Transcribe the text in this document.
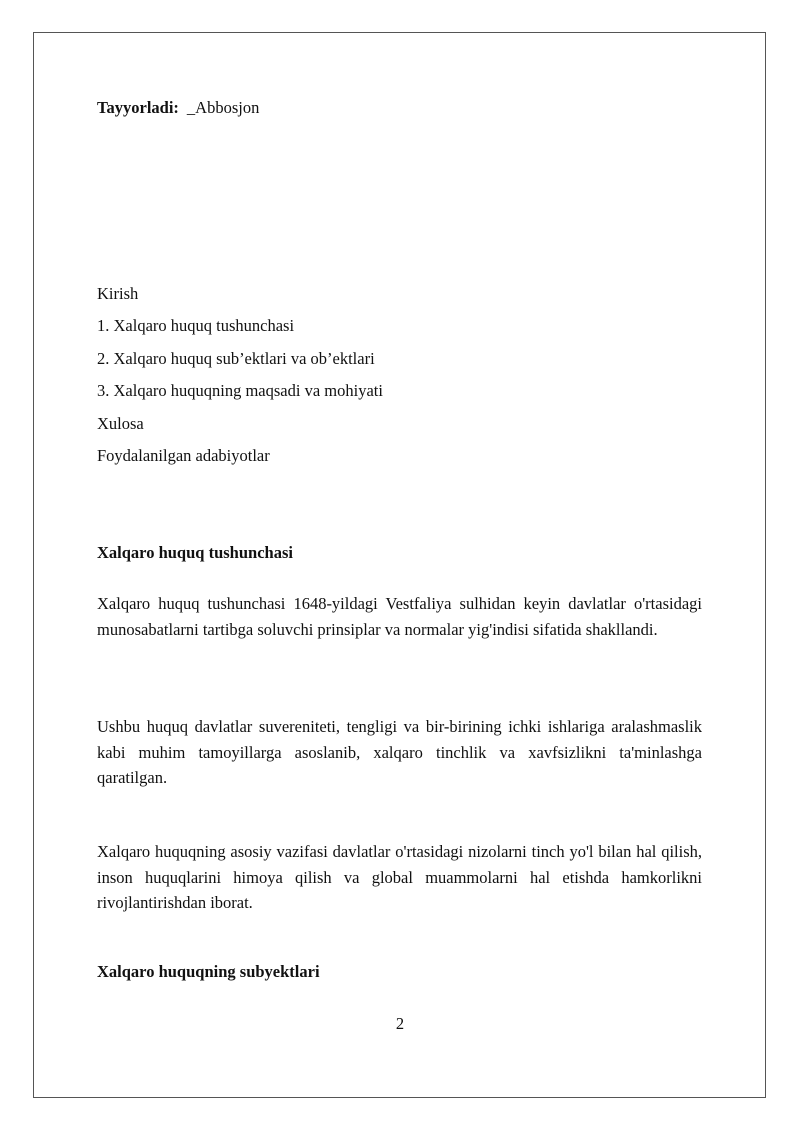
Tayyorladi: _Abbosjon

Kirish
1. Xalqaro huquq tushunchasi
2. Xalqaro huquq sub’ektlari va ob’ektlari
3. Xalqaro huquqning maqsadi va mohiyati
Xulosa
Foydalanilgan adabiyotlar
Xalqaro huquq tushunchasi

Xalqaro huquq tushunchasi 1648-yildagi Vestfaliya sulhidan keyin davlatlar o'rtasidagi munosabatlarni tartibga soluvchi prinsiplar va normalar yig'indisi sifatida shakllandi.

Ushbu huquq davlatlar suvereniteti, tengligi va bir-birining ichki ishlariga aralashmaslik kabi muhim tamoyillarga asoslanib, xalqaro tinchlik va xavfsizlikni ta'minlashga qaratilgan.

Xalqaro huquqning asosiy vazifasi davlatlar o'rtasidagi nizolarni tinch yo'l bilan hal qilish, inson huquqlarini himoya qilish va global muammolarni hal etishda hamkorlikni rivojlantirishdan iborat.

Xalqaro huquqning subyektlari
2
